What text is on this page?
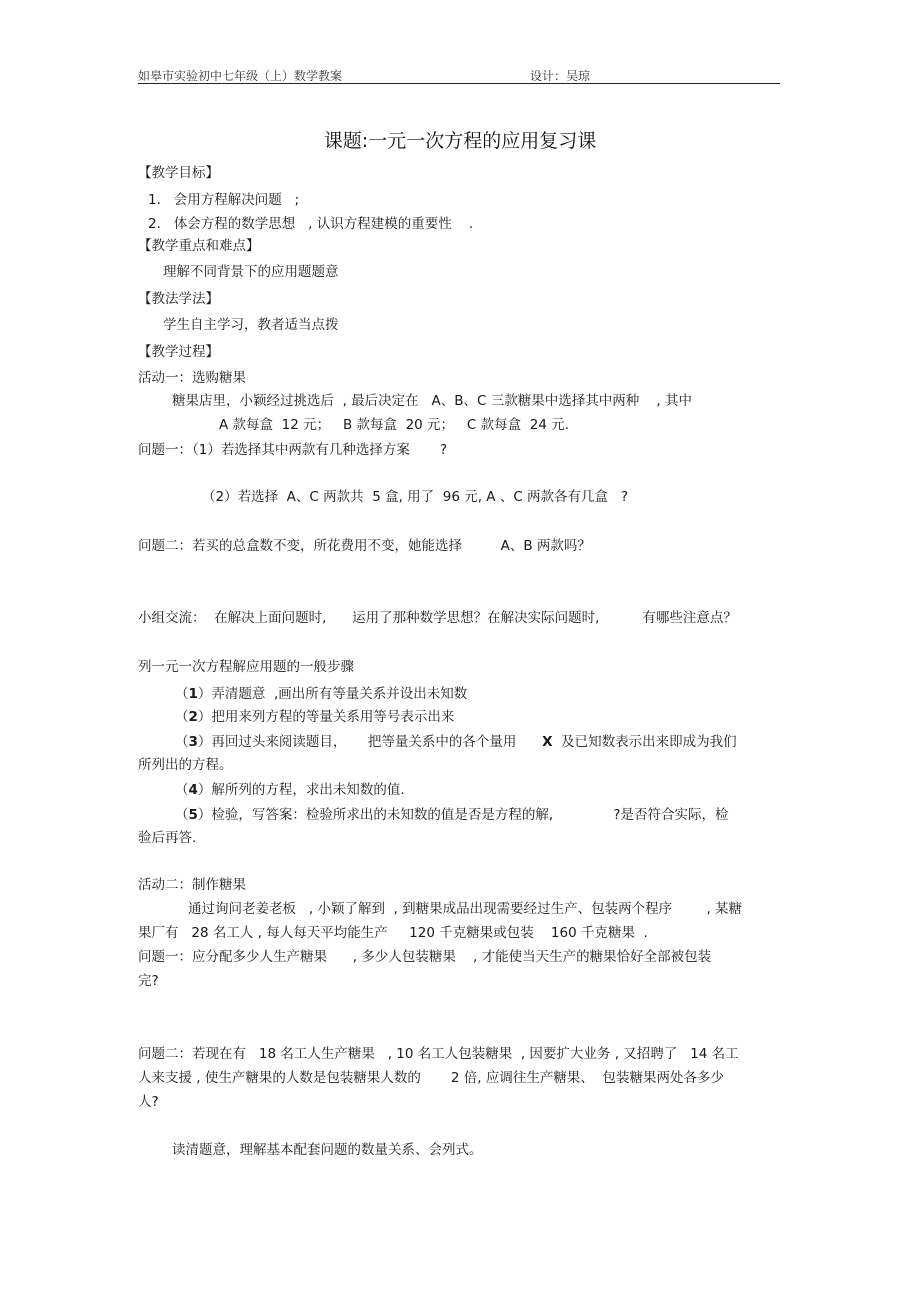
如皋市实验初中七年级（上）数学教案	设计：吴琼
课题:一元一次方程的应用复习课
【教学目标】
1.   会用方程解决问题   ;
2.   体会方程的数学思想   , 认识方程建模的重要性    .
【教学重点和难点】
理解不同背景下的应用题题意
【教法学法】
学生自主学习，教者适当点拨
【教学过程】
活动一：选购糖果
糖果店里，小颖经过挑选后  , 最后决定在   A、B、C 三款糖果中选择其中两种    , 其中
A 款每盒  12 元；   B 款每盒  20 元；   C 款每盒  24 元.
问题一：（1）若选择其中两款有几种选择方案       ?
（2）若选择  A、C 两款共  5 盒, 用了  96 元, A 、C 两款各有几盒   ?
问题二：若买的总盒数不变，所花费用不变，她能选择         A、B 两款吗？
小组交流：  在解决上面问题时,      运用了那种数学思想？在解决实际问题时,          有哪些注意点？
列一元一次方程解应用题的一般步骤
（1）弄清题意  ,画出所有等量关系并设出未知数
（2）把用来列方程的等量关系用等号表示出来
（3）再回过头来阅读题目，     把等量关系中的各个量用 X 及已知数表示出来即成为我们
所列出的方程。
（4）解所列的方程，求出未知数的值.
（5）检验，写答案：检验所求出的未知数的值是否是方程的解,              ?是否符合实际，检
验后再答.
活动二：制作糖果
通过询问老姜老板   , 小颖了解到  , 到糖果成品出现需要经过生产、包装两个程序        , 某糖
果厂有   28 名工人 , 每人每天平均能生产     120 千克糖果或包装    160 千克糖果  .
问题一：应分配多少人生产糖果      , 多少人包装糖果    , 才能使当天生产的糖果恰好全部被包装
完?
问题二：若现在有   18 名工人生产糖果   , 10 名工人包装糖果  , 因要扩大业务 , 又招聘了   14 名工
人来支援 , 使生产糖果的人数是包装糖果人数的       2 倍, 应调往生产糖果、  包装糖果两处各多少
人?
读清题意，理解基本配套问题的数量关系、会列式。
